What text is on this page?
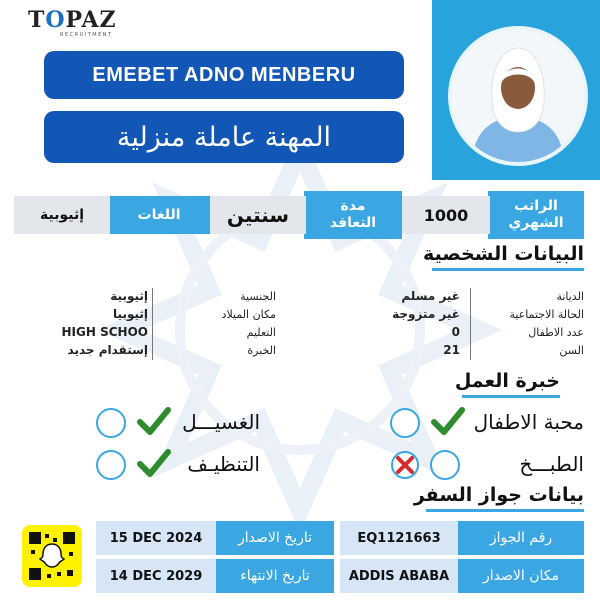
TOPAZ
RECRUITMENT
EMEBET ADNO MENBERU
المهنة عاملة منزلية
الراتب الشهري
1000
مدة التعاقد
سنتين
اللغات
إثيوبية
البيانات الشخصية
الديانة
غير مسلم
الحالة الاجتماعية
غير متزوجة
عدد الاطفال
0
السن
21
الجنسية
إثيوبية
مكان الميلاد
إثيوبيا
التعليم
HIGH SCHOO
الخبرة
إستقدام جديد
خبرة العمل
محبة الاطفال
الغسيـــل
الطبـــخ
التنظيـف
بيانات جواز السفر
رقم الجواز
EQ1121663
تاريخ الاصدار
15 DEC 2024
مكان الاصدار
ADDIS ABABA
تاريخ الانتهاء
14 DEC 2029
